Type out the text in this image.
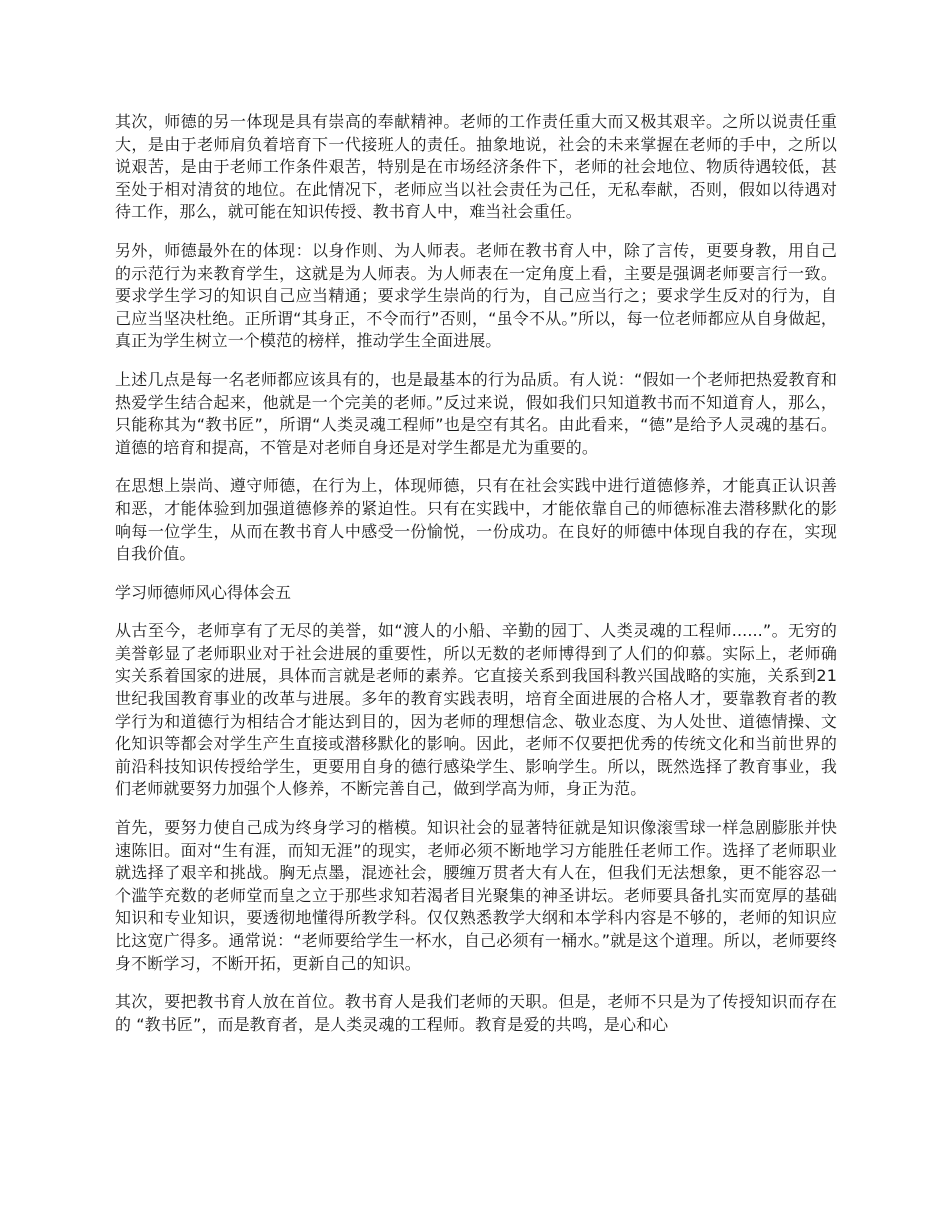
其次，师德的另一体现是具有崇高的奉献精神。老师的工作责任重大而又极其艰辛。之所以说责任重大，是由于老师肩负着培育下一代接班人的责任。抽象地说，社会的未来掌握在老师的手中，之所以说艰苦，是由于老师工作条件艰苦，特别是在市场经济条件下，老师的社会地位、物质待遇较低，甚至处于相对清贫的地位。在此情况下，老师应当以社会责任为己任，无私奉献，否则，假如以待遇对待工作，那么，就可能在知识传授、教书育人中，难当社会重任。

另外，师德最外在的体现：以身作则、为人师表。老师在教书育人中，除了言传，更要身教，用自己的示范行为来教育学生，这就是为人师表。为人师表在一定角度上看，主要是强调老师要言行一致。要求学生学习的知识自己应当精通；要求学生崇尚的行为，自己应当行之；要求学生反对的行为，自己应当坚决杜绝。正所谓“其身正，不令而行”否则，“虽令不从。”所以，每一位老师都应从自身做起，真正为学生树立一个模范的榜样，推动学生全面进展。

上述几点是每一名老师都应该具有的，也是最基本的行为品质。有人说：“假如一个老师把热爱教育和热爱学生结合起来，他就是一个完美的老师。”反过来说，假如我们只知道教书而不知道育人，那么，只能称其为“教书匠”，所谓“人类灵魂工程师”也是空有其名。由此看来，“德”是给予人灵魂的基石。道德的培育和提高，不管是对老师自身还是对学生都是尤为重要的。

在思想上崇尚、遵守师德，在行为上，体现师德，只有在社会实践中进行道德修养，才能真正认识善和恶，才能体验到加强道德修养的紧迫性。只有在实践中，才能依靠自己的师德标准去潜移默化的影响每一位学生，从而在教书育人中感受一份愉悦，一份成功。在良好的师德中体现自我的存在，实现自我价值。

学习师德师风心得体会五

从古至今，老师享有了无尽的美誉，如“渡人的小船、辛勤的园丁、人类灵魂的工程师......”。无穷的美誉彰显了老师职业对于社会进展的重要性，所以无数的老师博得到了人们的仰慕。实际上，老师确实关系着国家的进展，具体而言就是老师的素养。它直接关系到我国科教兴国战略的实施，关系到21世纪我国教育事业的改革与进展。多年的教育实践表明，培育全面进展的合格人才，要靠教育者的教学行为和道德行为相结合才能达到目的，因为老师的理想信念、敬业态度、为人处世、道德情操、文化知识等都会对学生产生直接或潜移默化的影响。因此，老师不仅要把优秀的传统文化和当前世界的前沿科技知识传授给学生，更要用自身的德行感染学生、影响学生。所以，既然选择了教育事业，我们老师就要努力加强个人修养，不断完善自己，做到学高为师，身正为范。

首先，要努力使自己成为终身学习的楷模。知识社会的显著特征就是知识像滚雪球一样急剧膨胀并快速陈旧。面对“生有涯，而知无涯”的现实，老师必须不断地学习方能胜任老师工作。选择了老师职业就选择了艰辛和挑战。胸无点墨，混迹社会，腰缠万贯者大有人在，但我们无法想象，更不能容忍一个滥竽充数的老师堂而皇之立于那些求知若渴者目光聚集的神圣讲坛。老师要具备扎实而宽厚的基础知识和专业知识，要透彻地懂得所教学科。仅仅熟悉教学大纲和本学科内容是不够的，老师的知识应比这宽广得多。通常说：“老师要给学生一杯水，自己必须有一桶水。”就是这个道理。所以，老师要终身不断学习，不断开拓，更新自己的知识。

其次，要把教书育人放在首位。教书育人是我们老师的天职。但是，老师不只是为了传授知识而存在的 “教书匠”，而是教育者，是人类灵魂的工程师。教育是爱的共鸣，是心和心
